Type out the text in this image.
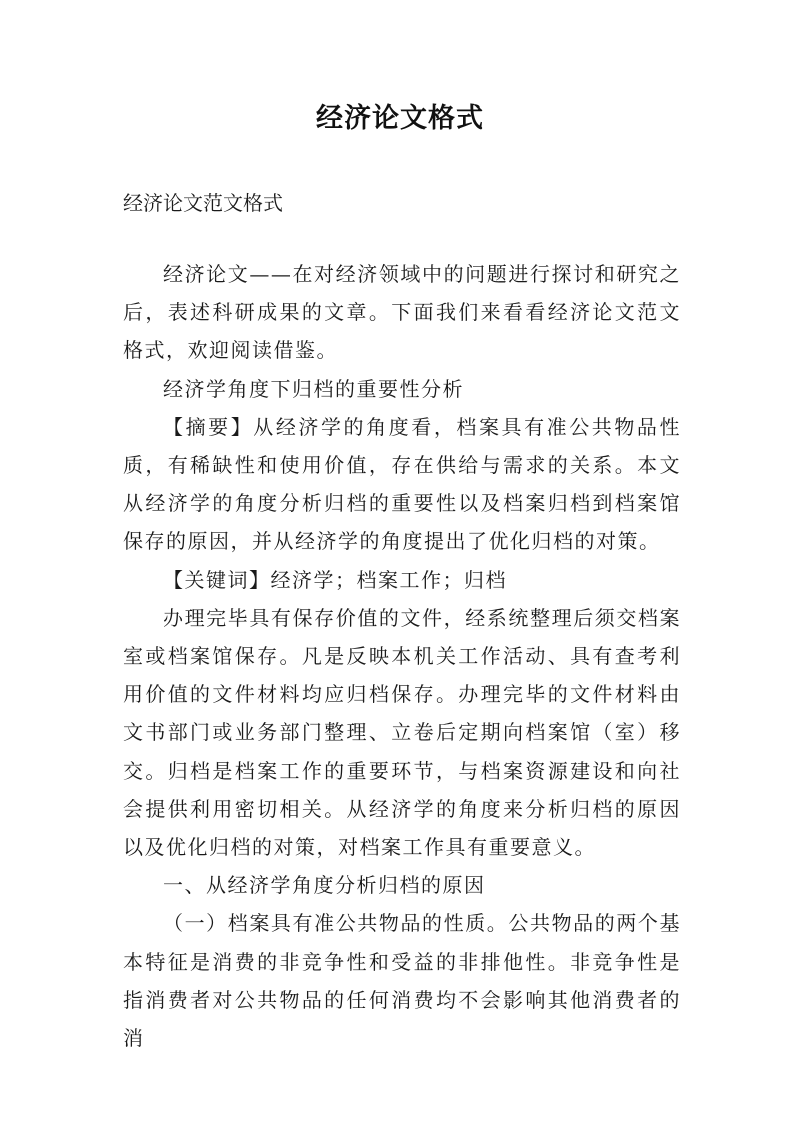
经济论文格式
经济论文范文格式

经济论文——在对经济领域中的问题进行探讨和研究之后，表述科研成果的文章。下面我们来看看经济论文范文格式，欢迎阅读借鉴。

经济学角度下归档的重要性分析

【摘要】从经济学的角度看，档案具有准公共物品性质，有稀缺性和使用价值，存在供给与需求的关系。本文从经济学的角度分析归档的重要性以及档案归档到档案馆保存的原因，并从经济学的角度提出了优化归档的对策。

【关键词】经济学；档案工作；归档

办理完毕具有保存价值的文件，经系统整理后须交档案室或档案馆保存。凡是反映本机关工作活动、具有查考利用价值的文件材料均应归档保存。办理完毕的文件材料由文书部门或业务部门整理、立卷后定期向档案馆（室）移交。归档是档案工作的重要环节，与档案资源建设和向社会提供利用密切相关。从经济学的角度来分析归档的原因以及优化归档的对策，对档案工作具有重要意义。

一、从经济学角度分析归档的原因

（一）档案具有准公共物品的性质。公共物品的两个基本特征是消费的非竞争性和受益的非排他性。非竞争性是指消费者对公共物品的任何消费均不会影响其他消费者的消
